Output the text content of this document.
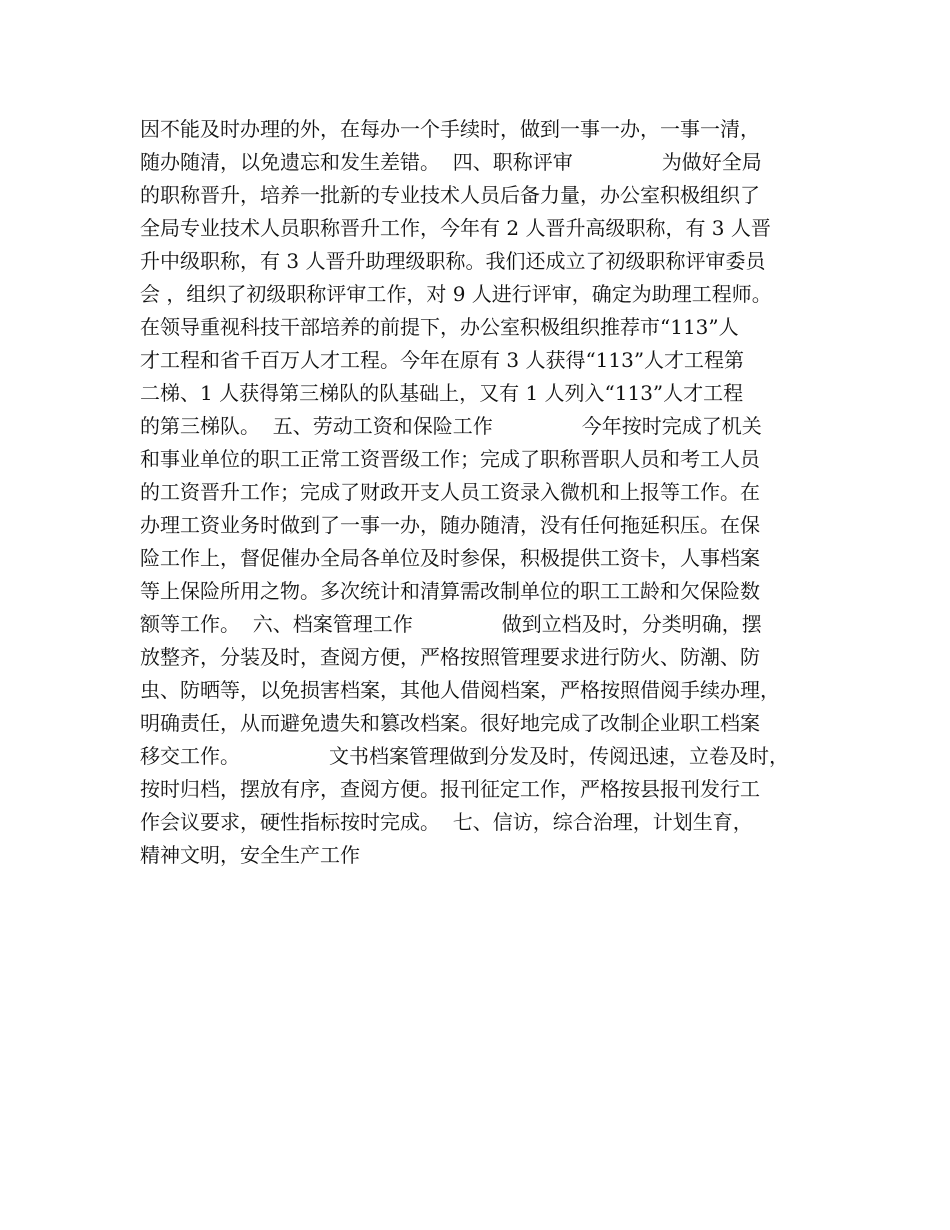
因不能及时办理的外，在每办一个手续时，做到一事一办，一事一清，
随办随清，以免遗忘和发生差错。  四、职称评审              为做好全局
的职称晋升，培养一批新的专业技术人员后备力量，办公室积极组织了
全局专业技术人员职称晋升工作，今年有 2 人晋升高级职称，有 3 人晋
升中级职称，有 3 人晋升助理级职称。我们还成立了初级职称评审委员
会 ，组织了初级职称评审工作，对 9 人进行评审，确定为助理工程师。
在领导重视科技干部培养的前提下，办公室积极组织推荐市“113”人
才工程和省千百万人才工程。今年在原有 3 人获得“113”人才工程第
二梯、1 人获得第三梯队的队基础上，又有 1 人列入“113”人才工程
的第三梯队。  五、劳动工资和保险工作              今年按时完成了机关
和事业单位的职工正常工资晋级工作；完成了职称晋职人员和考工人员
的工资晋升工作；完成了财政开支人员工资录入微机和上报等工作。在
办理工资业务时做到了一事一办，随办随清，没有任何拖延积压。在保
险工作上，督促催办全局各单位及时参保，积极提供工资卡，人事档案
等上保险所用之物。多次统计和清算需改制单位的职工工龄和欠保险数
额等工作。  六、档案管理工作              做到立档及时，分类明确，摆
放整齐，分装及时，查阅方便，严格按照管理要求进行防火、防潮、防
虫、防晒等，以免损害档案，其他人借阅档案，严格按照借阅手续办理，
明确责任，从而避免遗失和篡改档案。很好地完成了改制企业职工档案
移交工作。              文书档案管理做到分发及时，传阅迅速，立卷及时，
按时归档，摆放有序，查阅方便。报刊征定工作，严格按县报刊发行工
作会议要求，硬性指标按时完成。  七、信访，综合治理，计划生育，
精神文明，安全生产工作
